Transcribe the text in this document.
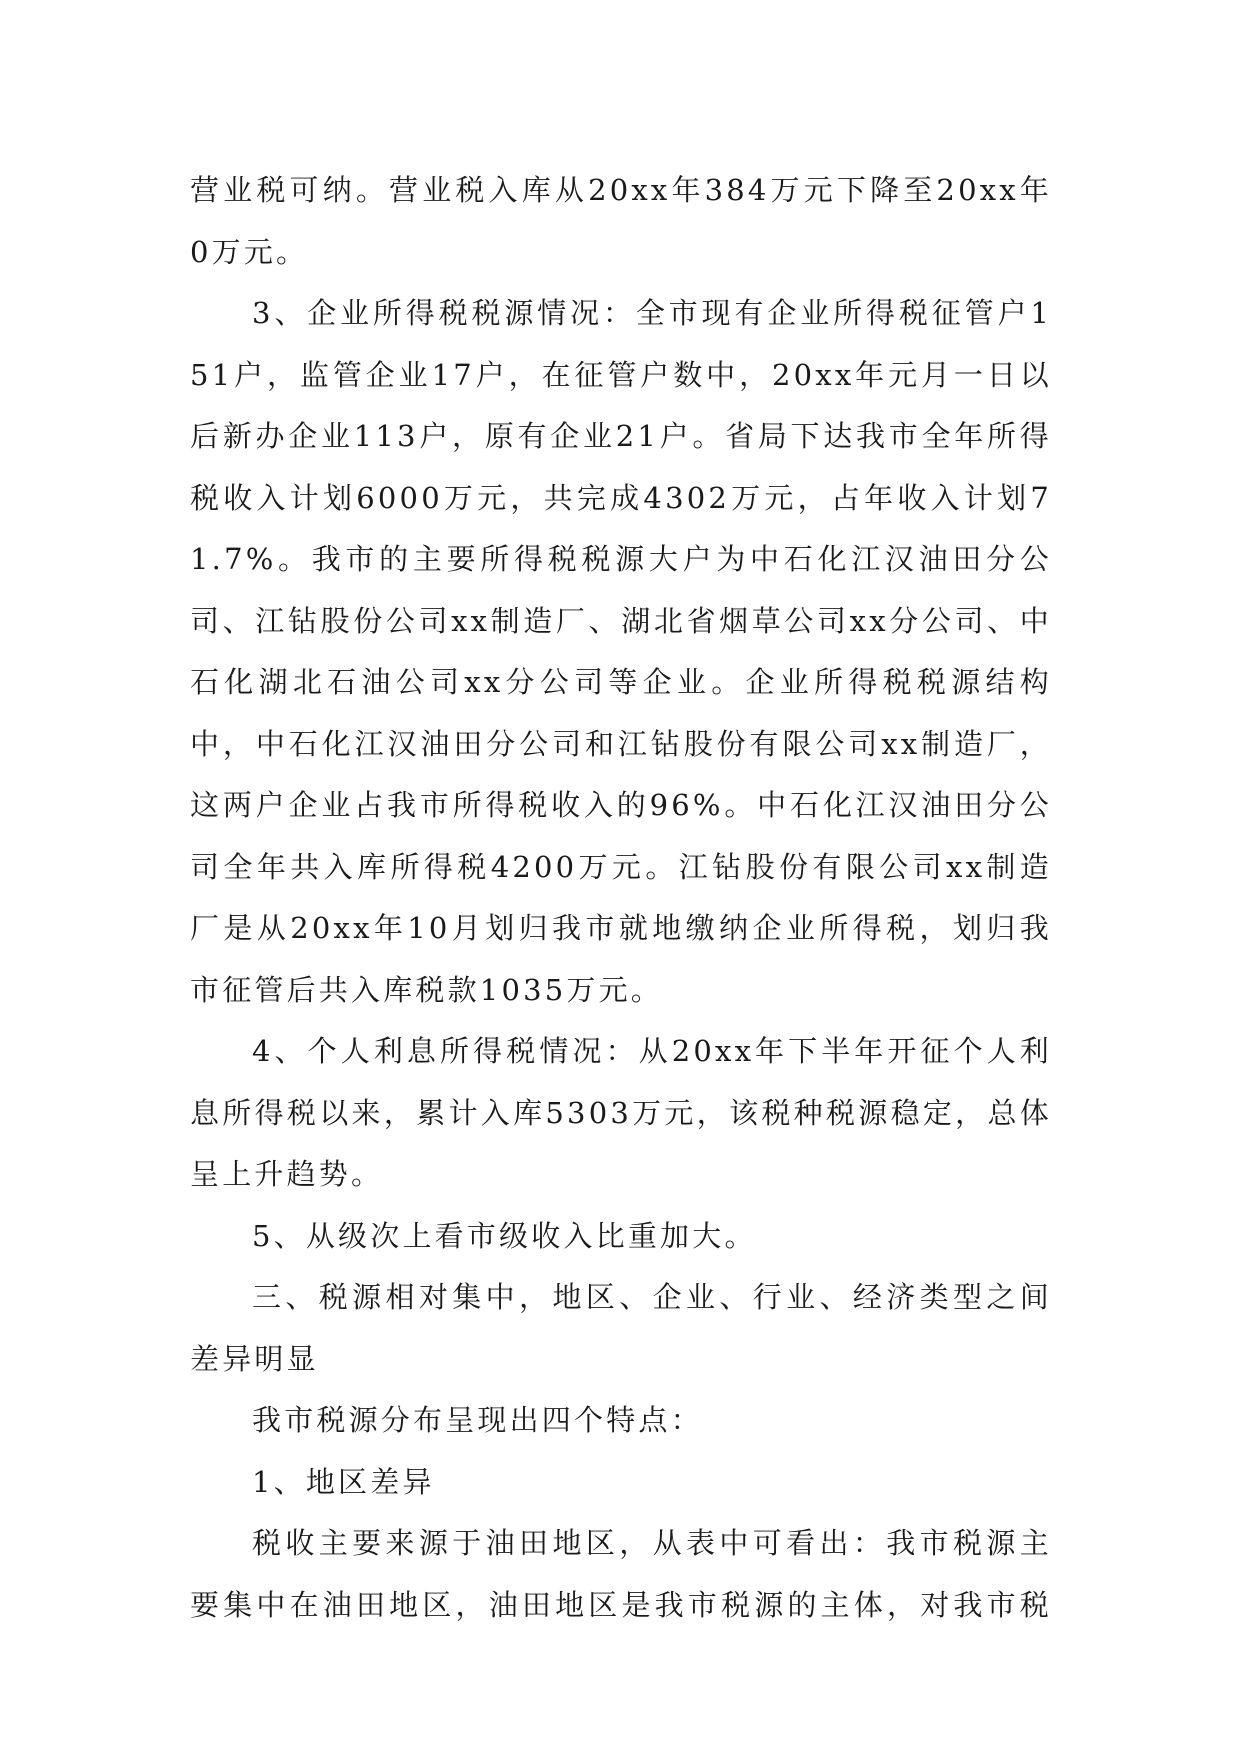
营业税可纳。营业税入库从20xx年384万元下降至20xx年0万元。

3、企业所得税税源情况：全市现有企业所得税征管户151户，监管企业17户，在征管户数中，20xx年元月一日以后新办企业113户，原有企业21户。省局下达我市全年所得税收入计划6000万元，共完成4302万元，占年收入计划71.7%。我市的主要所得税税源大户为中石化江汉油田分公司、江钻股份公司xx制造厂、湖北省烟草公司xx分公司、中石化湖北石油公司xx分公司等企业。企业所得税税源结构中，中石化江汉油田分公司和江钻股份有限公司xx制造厂，这两户企业占我市所得税收入的96%。中石化江汉油田分公司全年共入库所得税4200万元。江钻股份有限公司xx制造厂是从20xx年10月划归我市就地缴纳企业所得税，划归我市征管后共入库税款1035万元。

4、个人利息所得税情况：从20xx年下半年开征个人利息所得税以来，累计入库5303万元，该税种税源稳定，总体呈上升趋势。

5、从级次上看市级收入比重加大。

三、税源相对集中，地区、企业、行业、经济类型之间差异明显

我市税源分布呈现出四个特点：

1、地区差异

税收主要来源于油田地区，从表中可看出：我市税源主要集中在油田地区，油田地区是我市税源的主体，对我市税
